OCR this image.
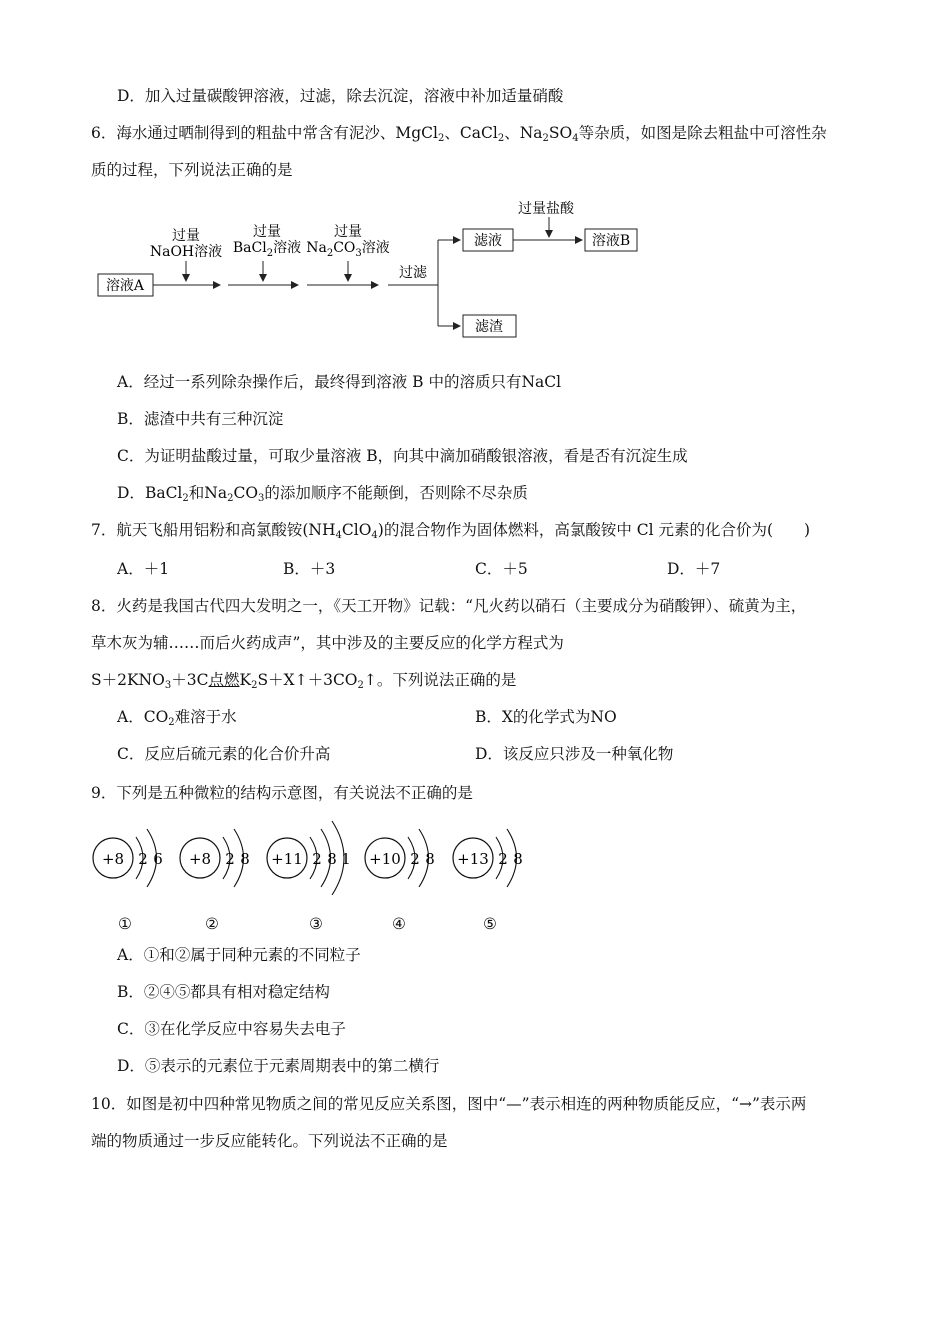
D．加入过量碳酸钾溶液，过滤，除去沉淀，溶液中补加适量硝酸
6．海水通过晒制得到的粗盐中常含有泥沙、MgCl$_2$、CaCl$_2$、$Na_2SO_4$等杂质，如图是除去粗盐中可溶性杂
质的过程，下列说法正确的是
溶液A
过量
NaOH溶液
过量
BaCl$_2$溶液
过量
$Na_2CO_3$溶液
过滤
滤液
滤渣
过量盐酸
溶液B
A．经过一系列除杂操作后，最终得到溶液 B 中的溶质只有NaCl
B．滤渣中共有三种沉淀
C．为证明盐酸过量，可取少量溶液 B，向其中滴加硝酸银溶液，看是否有沉淀生成
D．BaCl$_2$和$Na_2CO_3$的添加顺序不能颠倒，否则除不尽杂质
7．航天飞船用铝粉和高氯酸铵$(NH_4ClO_4)$的混合物作为固体燃料，高氯酸铵中 Cl 元素的化合价为(　　)
A．＋1	B．＋3	C．＋5	D．＋7
8．火药是我国古代四大发明之一，《天工开物》记载：“凡火药以硝石（主要成分为硝酸钾）、硫黄为主，
草木灰为辅……而后火药成声”，其中涉及的主要反应的化学方程式为
$S+2KNO_3+3C$点燃$K_2S+X↑+3CO_2↑$。下列说法正确的是
A．$CO_2$难溶于水	B．X的化学式为NO
C．反应后硫元素的化合价升高	D．该反应只涉及一种氧化物
9．下列是五种微粒的结构示意图，有关说法不正确的是
+8 2 6 +8 2 8 +11 2 8 1 +10 2 8 +13 2 8
①	②	③	④	⑤
A．①和②属于同种元素的不同粒子
B．②④⑤都具有相对稳定结构
C．③在化学反应中容易失去电子
D．⑤表示的元素位于元素周期表中的第二横行
10．如图是初中四种常见物质之间的常见反应关系图，图中“—”表示相连的两种物质能反应，“→”表示两
端的物质通过一步反应能转化。下列说法不正确的是
